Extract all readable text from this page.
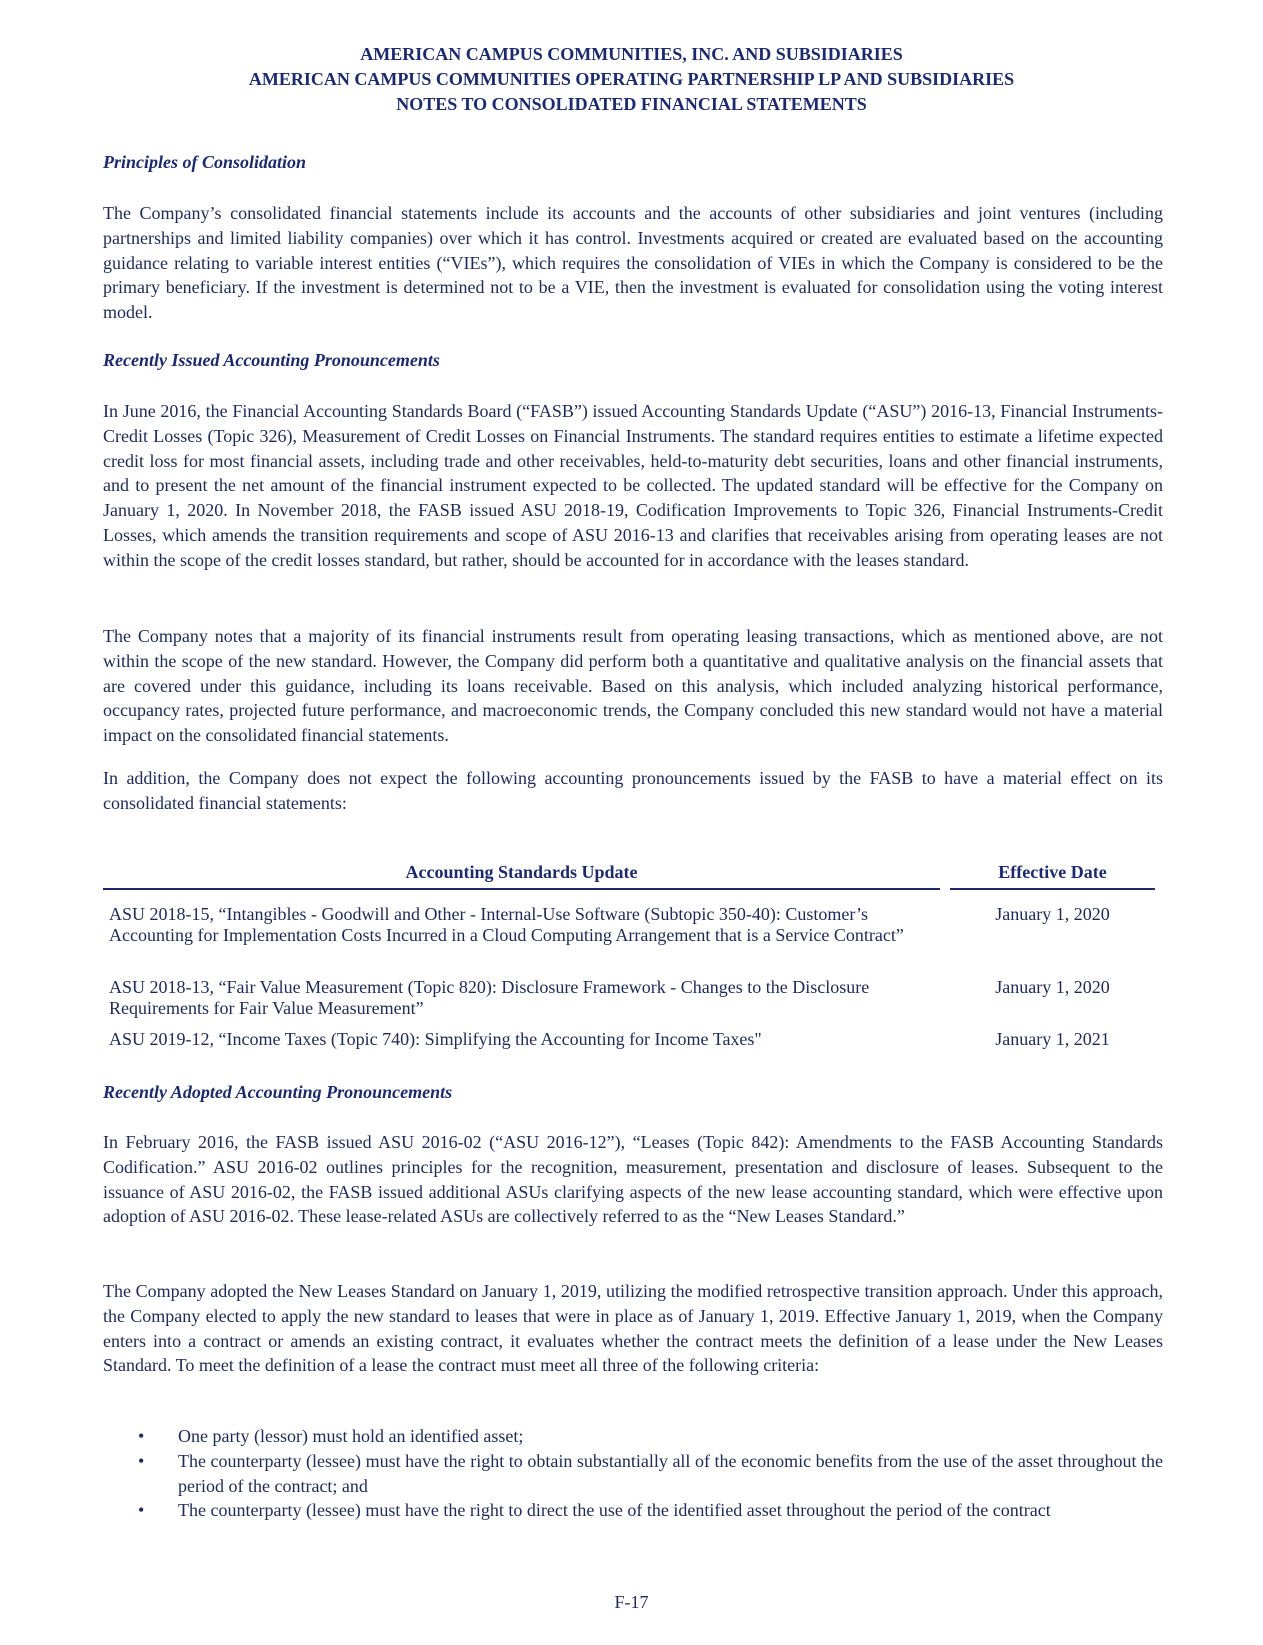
AMERICAN CAMPUS COMMUNITIES, INC. AND SUBSIDIARIES
AMERICAN CAMPUS COMMUNITIES OPERATING PARTNERSHIP LP AND SUBSIDIARIES
NOTES TO CONSOLIDATED FINANCIAL STATEMENTS
Principles of Consolidation

The Company’s consolidated financial statements include its accounts and the accounts of other subsidiaries and joint ventures (including partnerships and limited liability companies) over which it has control. Investments acquired or created are evaluated based on the accounting guidance relating to variable interest entities (“VIEs”), which requires the consolidation of VIEs in which the Company is considered to be the primary beneficiary. If the investment is determined not to be a VIE, then the investment is evaluated for consolidation using the voting interest model.

Recently Issued Accounting Pronouncements

In June 2016, the Financial Accounting Standards Board (“FASB”) issued Accounting Standards Update (“ASU”) 2016-13, Financial Instruments-Credit Losses (Topic 326), Measurement of Credit Losses on Financial Instruments. The standard requires entities to estimate a lifetime expected credit loss for most financial assets, including trade and other receivables, held-to-maturity debt securities, loans and other financial instruments, and to present the net amount of the financial instrument expected to be collected. The updated standard will be effective for the Company on January 1, 2020. In November 2018, the FASB issued ASU 2018-19, Codification Improvements to Topic 326, Financial Instruments-Credit Losses, which amends the transition requirements and scope of ASU 2016-13 and clarifies that receivables arising from operating leases are not within the scope of the credit losses standard, but rather, should be accounted for in accordance with the leases standard.

The Company notes that a majority of its financial instruments result from operating leasing transactions, which as mentioned above, are not within the scope of the new standard. However, the Company did perform both a quantitative and qualitative analysis on the financial assets that are covered under this guidance, including its loans receivable. Based on this analysis, which included analyzing historical performance, occupancy rates, projected future performance, and macroeconomic trends, the Company concluded this new standard would not have a material impact on the consolidated financial statements.

In addition, the Company does not expect the following accounting pronouncements issued by the FASB to have a material effect on its consolidated financial statements:

Accounting Standards Update	Effective Date
ASU 2018-15, “Intangibles - Goodwill and Other - Internal-Use Software (Subtopic 350-40): Customer’s Accounting for Implementation Costs Incurred in a Cloud Computing Arrangement that is a Service Contract”
January 1, 2020
ASU 2018-13, “Fair Value Measurement (Topic 820): Disclosure Framework - Changes to the Disclosure Requirements for Fair Value Measurement”
January 1, 2020
ASU 2019-12, “Income Taxes (Topic 740): Simplifying the Accounting for Income Taxes"	January 1, 2021
Recently Adopted Accounting Pronouncements

In February 2016, the FASB issued ASU 2016-02 (“ASU 2016-12”), “Leases (Topic 842): Amendments to the FASB Accounting Standards Codification.” ASU 2016-02 outlines principles for the recognition, measurement, presentation and disclosure of leases. Subsequent to the issuance of ASU 2016-02, the FASB issued additional ASUs clarifying aspects of the new lease accounting standard, which were effective upon adoption of ASU 2016-02. These lease-related ASUs are collectively referred to as the “New Leases Standard.”

The Company adopted the New Leases Standard on January 1, 2019, utilizing the modified retrospective transition approach. Under this approach, the Company elected to apply the new standard to leases that were in place as of January 1, 2019. Effective January 1, 2019, when the Company enters into a contract or amends an existing contract, it evaluates whether the contract meets the definition of a lease under the New Leases Standard. To meet the definition of a lease the contract must meet all three of the following criteria:

• One party (lessor) must hold an identified asset;
• The counterparty (lessee) must have the right to obtain substantially all of the economic benefits from the use of the asset throughout the period of the contract; and
• The counterparty (lessee) must have the right to direct the use of the identified asset throughout the period of the contract
F-17
